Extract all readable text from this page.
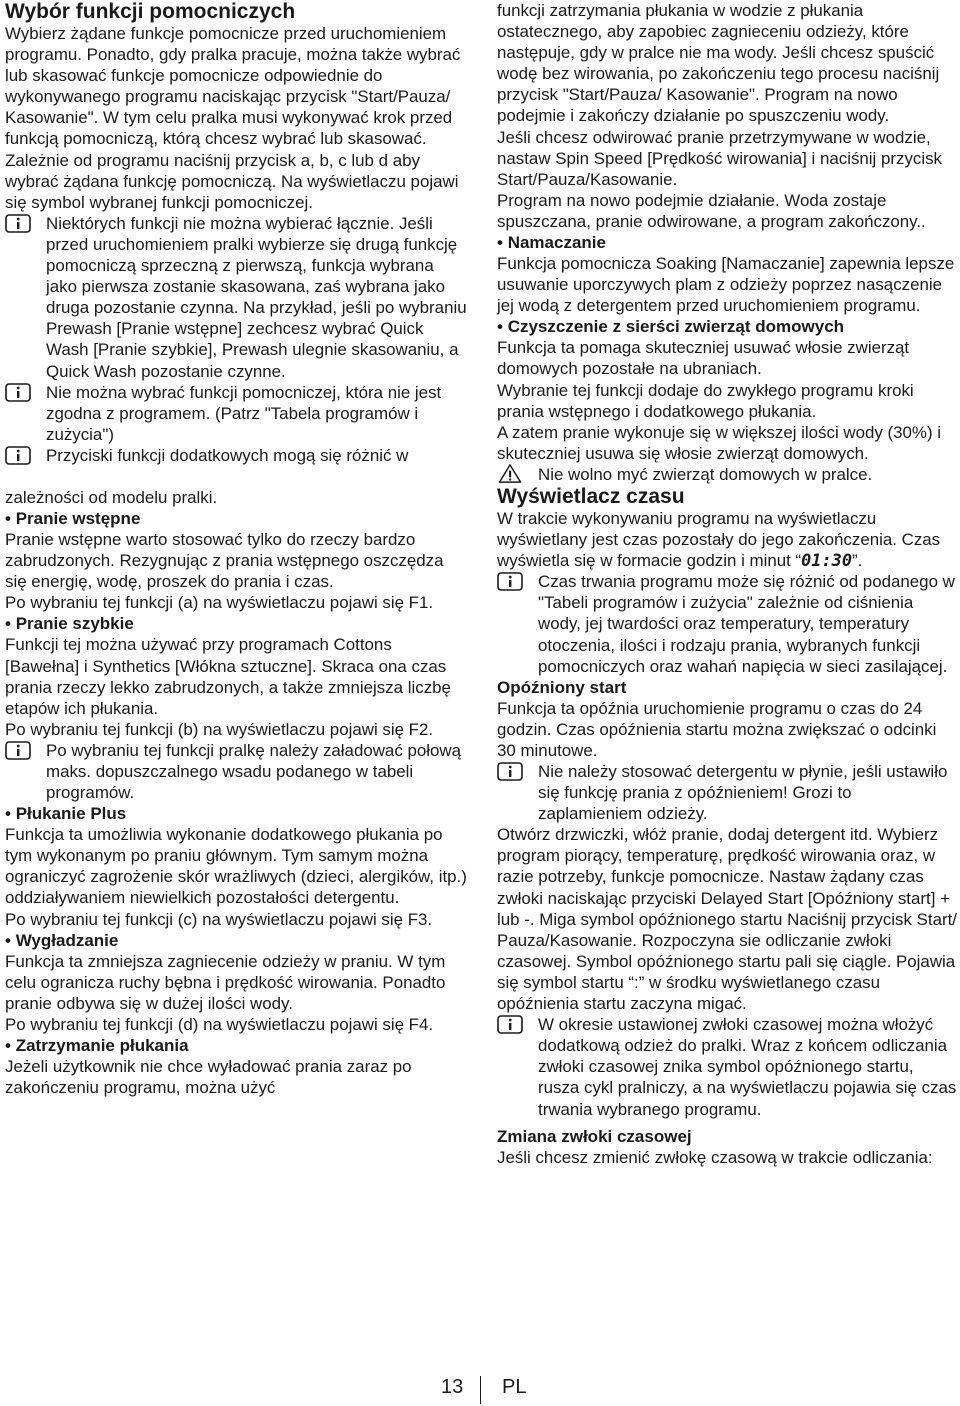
Wybór funkcji pomocniczych

Wybierz żądane funkcje pomocnicze przed uruchomieniem programu. Ponadto, gdy pralka pracuje, można także wybrać lub skasować funkcje pomocnicze odpowiednie do wykonywanego programu naciskając przycisk "Start/Pauza/ Kasowanie". W tym celu pralka musi wykonywać krok przed funkcją pomocniczą, którą chcesz wybrać lub skasować.

Zależnie od programu naciśnij przycisk a, b, c lub d aby wybrać żądana funkcję pomocniczą. Na wyświetlaczu pojawi się symbol wybranej funkcji pomocniczej.

Niektórych funkcji nie można wybierać łącznie. Jeśli przed uruchomieniem pralki wybierze się drugą funkcję pomocniczą sprzeczną z pierwszą, funkcja wybrana jako pierwsza zostanie skasowana, zaś wybrana jako druga pozostanie czynna. Na przykład, jeśli po wybraniu Prewash [Pranie wstępne] zechcesz wybrać Quick Wash [Pranie szybkie], Prewash ulegnie skasowaniu, a Quick Wash pozostanie czynne.

Nie można wybrać funkcji pomocniczej, która nie jest zgodna z programem. (Patrz "Tabela programów i zużycia")

Przyciski funkcji dodatkowych mogą się różnić w

zależności od modelu pralki.

• Pranie wstępne

Pranie wstępne warto stosować tylko do rzeczy bardzo zabrudzonych. Rezygnując z prania wstępnego oszczędza się energię, wodę, proszek do prania i czas.

Po wybraniu tej funkcji (a) na wyświetlaczu pojawi się F1.

• Pranie szybkie

Funkcji tej można używać przy programach Cottons [Bawełna] i Synthetics [Włókna sztuczne]. Skraca ona czas prania rzeczy lekko zabrudzonych, a także zmniejsza liczbę etapów ich płukania.

Po wybraniu tej funkcji (b) na wyświetlaczu pojawi się F2.

Po wybraniu tej funkcji pralkę należy załadować połową maks. dopuszczalnego wsadu podanego w tabeli programów.

• Płukanie Plus

Funkcja ta umożliwia wykonanie dodatkowego płukania po tym wykonanym po praniu głównym. Tym samym można ograniczyć zagrożenie skór wrażliwych (dzieci, alergików, itp.) oddziaływaniem niewielkich pozostałości detergentu.

Po wybraniu tej funkcji (c) na wyświetlaczu pojawi się F3.

• Wygładzanie

Funkcja ta zmniejsza zagniecenie odzieży w praniu. W tym celu ogranicza ruchy bębna i prędkość wirowania. Ponadto pranie odbywa się w dużej ilości wody.

Po wybraniu tej funkcji (d) na wyświetlaczu pojawi się F4.

• Zatrzymanie płukania

Jeżeli użytkownik nie chce wyładować prania zaraz po zakończeniu programu, można użyć

funkcji zatrzymania płukania w wodzie z płukania ostatecznego, aby zapobiec zagnieceniu odzieży, które następuje, gdy w pralce nie ma wody. Jeśli chcesz spuścić wodę bez wirowania, po zakończeniu tego procesu naciśnij przycisk "Start/Pauza/ Kasowanie". Program na nowo podejmie i zakończy działanie po spuszczeniu wody.

Jeśli chcesz odwirować pranie przetrzymywane w wodzie, nastaw Spin Speed [Prędkość wirowania] i naciśnij przycisk Start/Pauza/Kasowanie.

Program na nowo podejmie działanie. Woda zostaje spuszczana, pranie odwirowane, a program zakończony..

• Namaczanie

Funkcja pomocnicza Soaking [Namaczanie] zapewnia lepsze usuwanie uporczywych plam z odzieży poprzez nasączenie jej wodą z detergentem przed uruchomieniem programu.

• Czyszczenie z sierści zwierząt domowych

Funkcja ta pomaga skuteczniej usuwać włosie zwierząt domowych pozostałe na ubraniach.

Wybranie tej funkcji dodaje do zwykłego programu kroki prania wstępnego i dodatkowego płukania.

A zatem pranie wykonuje się w większej ilości wody (30%) i skuteczniej usuwa się włosie zwierząt domowych.

Nie wolno myć zwierząt domowych w pralce.

Wyświetlacz czasu

W trakcie wykonywaniu programu na wyświetlaczu wyświetlany jest czas pozostały do jego zakończenia. Czas wyświetla się w formacie godzin i minut “01:30”.

Czas trwania programu może się różnić od podanego w "Tabeli programów i zużycia" zależnie od ciśnienia wody, jej twardości oraz temperatury, temperatury otoczenia, ilości i rodzaju prania, wybranych funkcji pomocniczych oraz wahań napięcia w sieci zasilającej.

Opóźniony start

Funkcja ta opóźnia uruchomienie programu o czas do 24 godzin. Czas opóźnienia startu można zwiększać o odcinki 30 minutowe.

Nie należy stosować detergentu w płynie, jeśli ustawiło się funkcję prania z opóźnieniem! Grozi to zaplamieniem odzieży.

Otwórz drzwiczki, włóż pranie, dodaj detergent itd. Wybierz program piorący, temperaturę, prędkość wirowania oraz, w razie potrzeby, funkcje pomocnicze. Nastaw żądany czas zwłoki naciskając przyciski Delayed Start [Opóźniony start] + lub -. Miga symbol opóźnionego startu Naciśnij przycisk Start/ Pauza/Kasowanie. Rozpoczyna sie odliczanie zwłoki czasowej. Symbol opóźnionego startu pali się ciągle. Pojawia się symbol startu “:” w środku wyświetlanego czasu opóźnienia startu zaczyna migać.

W okresie ustawionej zwłoki czasowej można włożyć dodatkową odzież do pralki. Wraz z końcem odliczania zwłoki czasowej znika symbol opóźnionego startu, rusza cykl pralniczy, a na wyświetlaczu pojawia się czas trwania wybranego programu.

Zmiana zwłoki czasowej

Jeśli chcesz zmienić zwłokę czasową w trakcie odliczania:

13 PL
